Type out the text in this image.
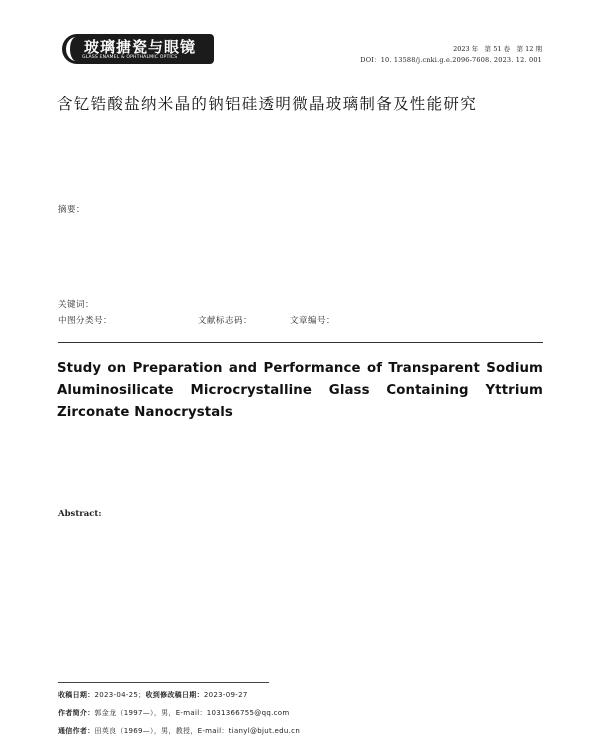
玻璃搪瓷与眼镜
GLASS ENAMEL & OPHTHALMIC OPTICS
2023 年　第 51 卷　第 12 期
DOI：10. 13588/j.cnki.g.e.2096-7608. 2023. 12. 001
含钇锆酸盐纳米晶的钠铝硅透明微晶玻璃制备及性能研究
摘要：
关键词：
中图分类号：	文献标志码：	文章编号：
Study on Preparation and Performance of Transparent Sodium Aluminosilicate Microcrystalline Glass Containing Yttrium Zirconate Nanocrystals
Abstract:
收稿日期：2023-04-25；收到修改稿日期：2023-09-27
作者简介：郭金龙（1997—），男，E-mail：1031366755@qq.com
通信作者：田英良（1969—），男，教授，E-mail：tianyl@bjut.edu.cn
